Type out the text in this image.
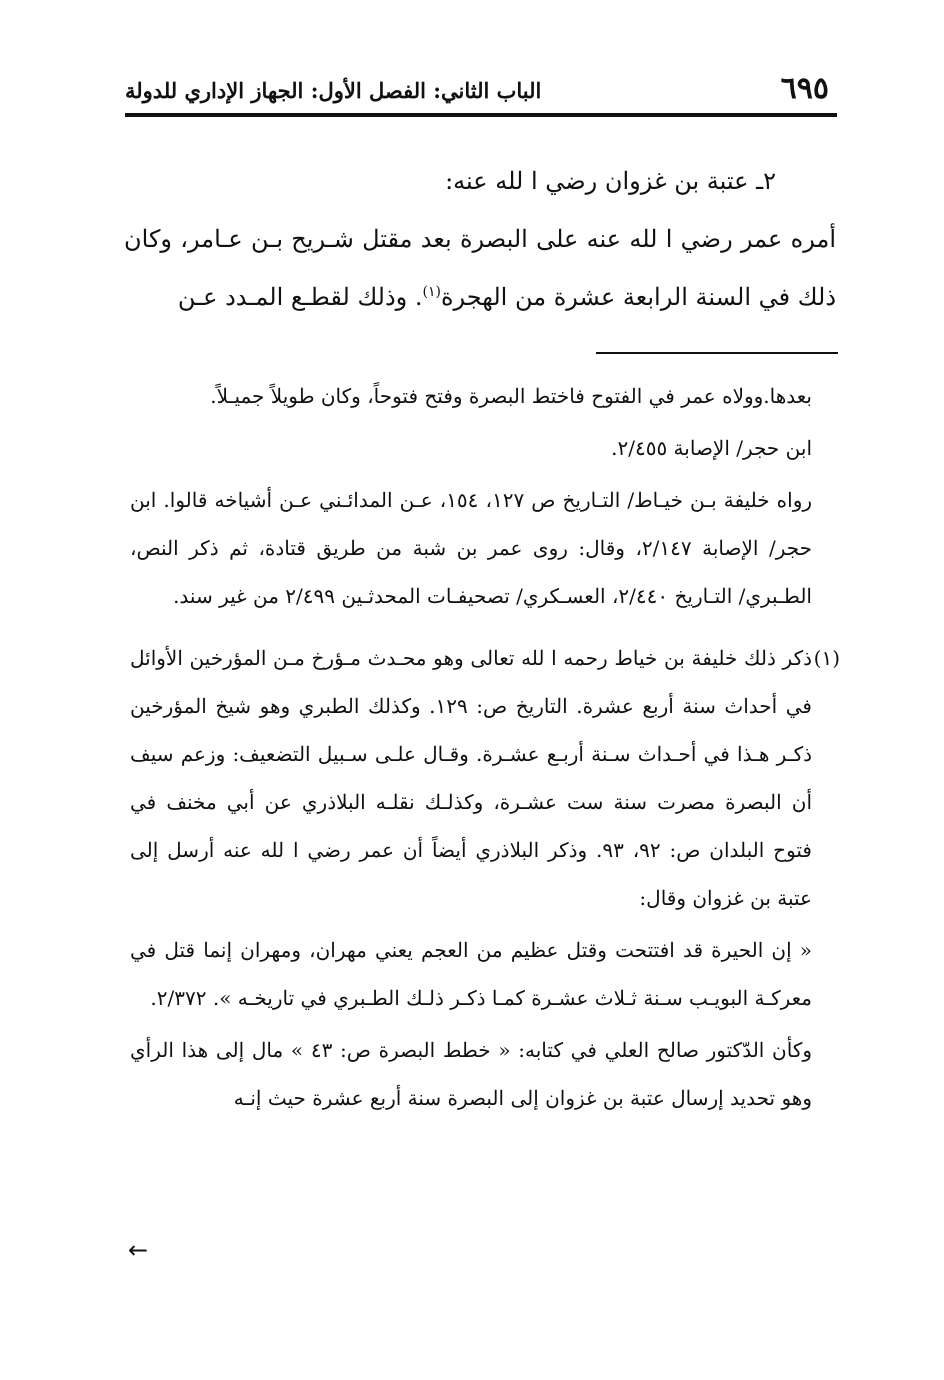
٦٩٥
الباب الثاني: الفصل الأول: الجهاز الإداري للدولة

٢ـ عتبة بن غزوان رضي ا لله عنه:

أمره عمر رضي ا لله عنه على البصرة بعد مقتل شـريح بـن عـامر، وكان ذلك في السنة الرابعة عشرة من الهجرة$^{(١)}$. وذلك لقطـع المـدد عـن

بعدها.وولاه عمر في الفتوح فاختط البصرة وفتح فتوحاً، وكان طويلاً جميـلاً.

ابن حجر/ الإصابة ٢/٤٥٥.

رواه خليفة بـن خيـاط/ التـاريخ ص ١٢٧، ١٥٤، عـن المدائـني عـن أشياخه قالوا. ابن حجر/ الإصابة ٢/١٤٧، وقال: روى عمر بن شبة من طريق قتادة، ثم ذكر النص، الطـبري/ التـاريخ ٢/٤٤٠، العسـكري/ تصحيفـات المحدثـين ٢/٤٩٩ من غير سند.

(١)
ذكر ذلك خليفة بن خياط رحمه ا لله تعالى وهو محـدث مـؤرخ مـن المؤرخين الأوائل في أحداث سنة أربع عشرة. التاريخ ص: ١٢٩. وكذلك الطبري وهو شيخ المؤرخين ذكـر هـذا في أحـداث سـنة أربـع عشـرة. وقـال علـى سـبيل التضعيف: وزعم سيف أن البصرة مصرت سنة ست عشـرة، وكذلـك نقلـه البلاذري عن أبي مخنف في فتوح البلدان ص: ٩٢، ٩٣. وذكر البلاذري أيضاً أن عمر رضي ا لله عنه أرسل إلى عتبة بن غزوان وقال:

« إن الحيرة قد افتتحت وقتل عظيم من العجم يعني مهران، ومهران إنما قتل في معركـة البويـب سـنة ثـلاث عشـرة كمـا ذكـر ذلـك الطـبري في تاريخـه ». ٢/٣٧٢.

وكأن الدّكتور صالح العلي في كتابه: « خطط البصرة ص: ٤٣ » مال إلى هذا الرأي وهو تحديد إرسال عتبة بن غزوان إلى البصرة سنة أربع عشرة حيث إنـه

←
